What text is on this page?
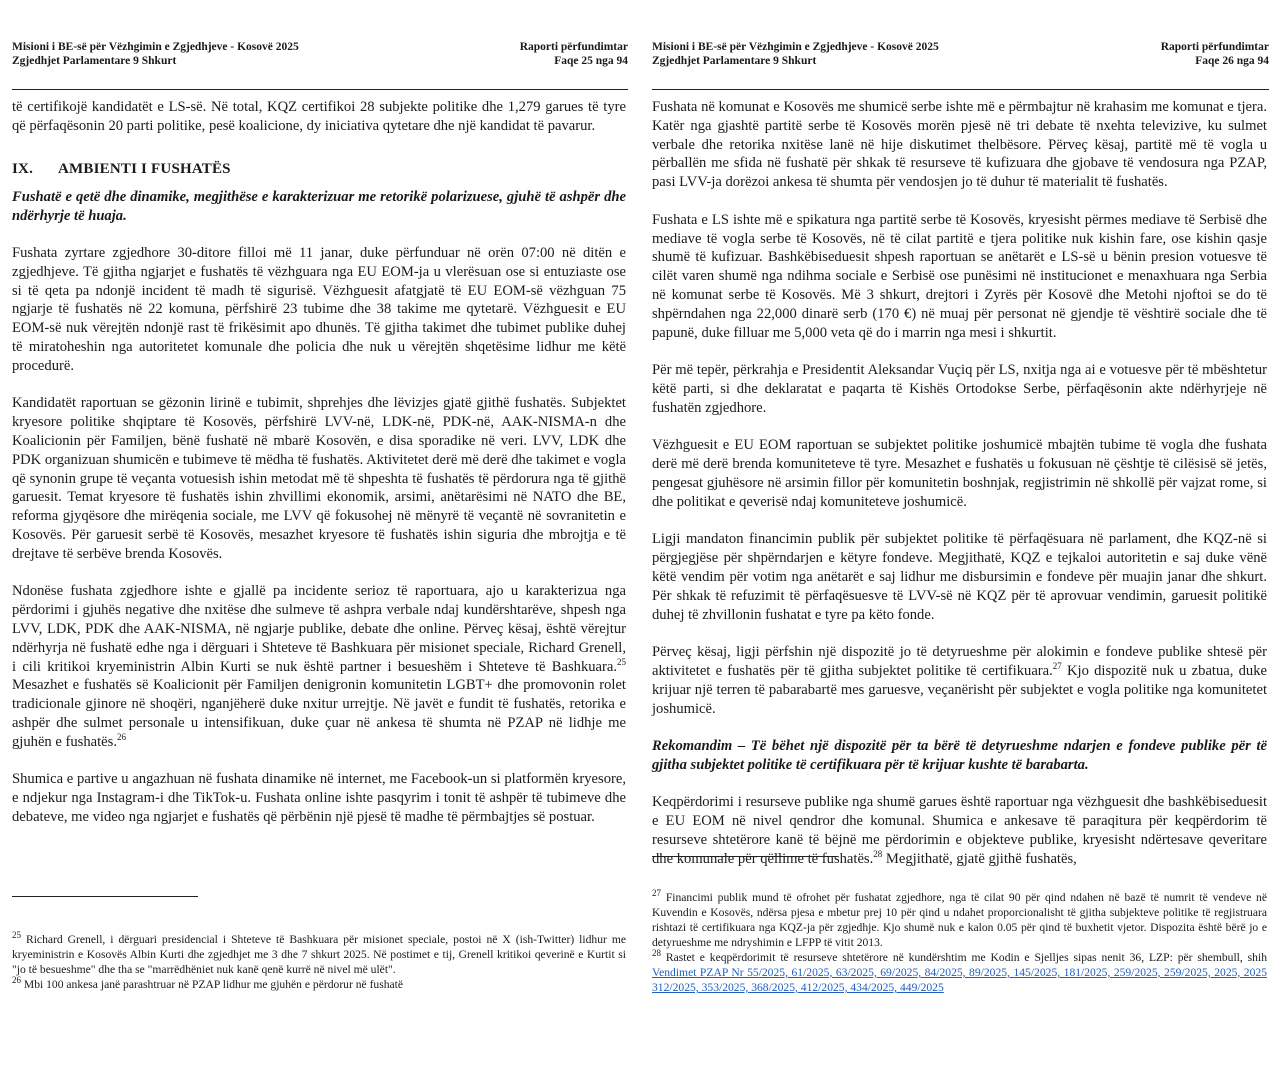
Misioni i BE-së për Vëzhgimin e Zgjedhjeve - Kosovë 2025
Zgjedhjet Parlamentare 9 Shkurt
Raporti përfundimtar
Faqe 25 nga 94

të certifikojë kandidatët e LS-së. Në total, KQZ certifikoi 28 subjekte politike dhe 1,279 garues të tyre që përfaqësonin 20 parti politike, pesë koalicione, dy iniciativa qytetare dhe një kandidat të pavarur.

IX. AMBIENTI I FUSHATËS

Fushatë e qetë dhe dinamike, megjithëse e karakterizuar me retorikë polarizuese, gjuhë të ashpër dhe ndërhyrje të huaja.

Fushata zyrtare zgjedhore 30-ditore filloi më 11 janar, duke përfunduar në orën 07:00 në ditën e zgjedhjeve. Të gjitha ngjarjet e fushatës të vëzhguara nga EU EOM-ja u vlerësuan ose si entuziaste ose si të qeta pa ndonjë incident të madh të sigurisë. Vëzhguesit afatgjatë të EU EOM-së vëzhguan 75 ngjarje të fushatës në 22 komuna, përfshirë 23 tubime dhe 38 takime me qytetarë. Vëzhguesit e EU EOM-së nuk vërejtën ndonjë rast të frikësimit apo dhunës. Të gjitha takimet dhe tubimet publike duhej të miratoheshin nga autoritetet komunale dhe policia dhe nuk u vërejtën shqetësime lidhur me këtë procedurë.

Kandidatët raportuan se gëzonin lirinë e tubimit, shprehjes dhe lëvizjes gjatë gjithë fushatës. Subjektet kryesore politike shqiptare të Kosovës, përfshirë LVV-në, LDK-në, PDK-në, AAK-NISMA-n dhe Koalicionin për Familjen, bënë fushatë në mbarë Kosovën, e disa sporadike në veri. LVV, LDK dhe PDK organizuan shumicën e tubimeve të mëdha të fushatës. Aktivitetet derë më derë dhe takimet e vogla që synonin grupe të veçanta votuesish ishin metodat më të shpeshta të fushatës të përdorura nga të gjithë garuesit. Temat kryesore të fushatës ishin zhvillimi ekonomik, arsimi, anëtarësimi në NATO dhe BE, reforma gjyqësore dhe mirëqenia sociale, me LVV që fokusohej në mënyrë të veçantë në sovranitetin e Kosovës. Për garuesit serbë të Kosovës, mesazhet kryesore të fushatës ishin siguria dhe mbrojtja e të drejtave të serbëve brenda Kosovës.

Ndonëse fushata zgjedhore ishte e gjallë pa incidente serioz të raportuara, ajo u karakterizua nga përdorimi i gjuhës negative dhe nxitëse dhe sulmeve të ashpra verbale ndaj kundërshtarëve, shpesh nga LVV, LDK, PDK dhe AAK-NISMA, në ngjarje publike, debate dhe online. Përveç kësaj, është vërejtur ndërhyrja në fushatë edhe nga i dërguari i Shteteve të Bashkuara për misionet speciale, Richard Grenell, i cili kritikoi kryeministrin Albin Kurti se nuk është partner i besueshëm i Shteteve të Bashkuara.$^{25}$ Mesazhet e fushatës së Koalicionit për Familjen denigronin komunitetin LGBT+ dhe promovonin rolet tradicionale gjinore në shoqëri, nganjëherë duke nxitur urrejtje. Në javët e fundit të fushatës, retorika e ashpër dhe sulmet personale u intensifikuan, duke çuar në ankesa të shumta në PZAP në lidhje me gjuhën e fushatës.$^{26}$

Shumica e partive u angazhuan në fushata dinamike në internet, me Facebook-un si platformën kryesore, e ndjekur nga Instagram-i dhe TikTok-u. Fushata online ishte pasqyrim i tonit të ashpër të tubimeve dhe debateve, me video nga ngjarjet e fushatës që përbënin një pjesë të madhe të përmbajtjes së postuar.

$^{25}$ Richard Grenell, i dërguari presidencial i Shteteve të Bashkuara për misionet speciale, postoi në X (ish-Twitter) lidhur me kryeministrin e Kosovës Albin Kurti dhe zgjedhjet me 3 dhe 7 shkurt 2025. Në postimet e tij, Grenell kritikoi qeverinë e Kurtit si "jo të besueshme" dhe tha se "marrëdhëniet nuk kanë qenë kurrë në nivel më ulët".

$^{26}$ Mbi 100 ankesa janë parashtruar në PZAP lidhur me gjuhën e përdorur në fushatë

Misioni i BE-së për Vëzhgimin e Zgjedhjeve - Kosovë 2025
Zgjedhjet Parlamentare 9 Shkurt
Raporti përfundimtar
Faqe 26 nga 94

Fushata në komunat e Kosovës me shumicë serbe ishte më e përmbajtur në krahasim me komunat e tjera. Katër nga gjashtë partitë serbe të Kosovës morën pjesë në tri debate të nxehta televizive, ku sulmet verbale dhe retorika nxitëse lanë në hije diskutimet thelbësore. Përveç kësaj, partitë më të vogla u përballën me sfida në fushatë për shkak të resurseve të kufizuara dhe gjobave të vendosura nga PZAP, pasi LVV-ja dorëzoi ankesa të shumta për vendosjen jo të duhur të materialit të fushatës.

Fushata e LS ishte më e spikatura nga partitë serbe të Kosovës, kryesisht përmes mediave të Serbisë dhe mediave të vogla serbe të Kosovës, në të cilat partitë e tjera politike nuk kishin fare, ose kishin qasje shumë të kufizuar. Bashkëbiseduesit shpesh raportuan se anëtarët e LS-së u bënin presion votuesve të cilët varen shumë nga ndihma sociale e Serbisë ose punësimi në institucionet e menaxhuara nga Serbia në komunat serbe të Kosovës. Më 3 shkurt, drejtori i Zyrës për Kosovë dhe Metohi njoftoi se do të shpërndahen nga 22,000 dinarë serb (170 €) në muaj për personat në gjendje të vështirë sociale dhe të papunë, duke filluar me 5,000 veta që do i marrin nga mesi i shkurtit.

Për më tepër, përkrahja e Presidentit Aleksandar Vuçiq për LS, nxitja nga ai e votuesve për të mbështetur këtë parti, si dhe deklaratat e paqarta të Kishës Ortodokse Serbe, përfaqësonin akte ndërhyrjeje në fushatën zgjedhore.

Vëzhguesit e EU EOM raportuan se subjektet politike joshumicë mbajtën tubime të vogla dhe fushata derë më derë brenda komuniteteve të tyre. Mesazhet e fushatës u fokusuan në çështje të cilësisë së jetës, pengesat gjuhësore në arsimin fillor për komunitetin boshnjak, regjistrimin në shkollë për vajzat rome, si dhe politikat e qeverisë ndaj komuniteteve joshumicë.

Ligji mandaton financimin publik për subjektet politike të përfaqësuara në parlament, dhe KQZ-në si përgjegjëse për shpërndarjen e këtyre fondeve. Megjithatë, KQZ e tejkaloi autoritetin e saj duke vënë këtë vendim për votim nga anëtarët e saj lidhur me disbursimin e fondeve për muajin janar dhe shkurt. Për shkak të refuzimit të përfaqësuesve të LVV-së në KQZ për të aprovuar vendimin, garuesit politikë duhej të zhvillonin fushatat e tyre pa këto fonde.

Përveç kësaj, ligji përfshin një dispozitë jo të detyrueshme për alokimin e fondeve publike shtesë për aktivitetet e fushatës për të gjitha subjektet politike të certifikuara.$^{27}$ Kjo dispozitë nuk u zbatua, duke krijuar një terren të pabarabartë mes garuesve, veçanërisht për subjektet e vogla politike nga komunitetet joshumicë.

Rekomandim – Të bëhet një dispozitë për ta bërë të detyrueshme ndarjen e fondeve publike për të gjitha subjektet politike të certifikuara për të krijuar kushte të barabarta.

Keqpërdorimi i resurseve publike nga shumë garues është raportuar nga vëzhguesit dhe bashkëbiseduesit e EU EOM në nivel qendror dhe komunal. Shumica e ankesave të paraqitura për keqpërdorim të resurseve shtetërore kanë të bëjnë me përdorimin e objekteve publike, kryesisht ndërtesave qeveritare dhe komunale për qëllime të fushatës.$^{28}$ Megjithatë, gjatë gjithë fushatës,

$^{27}$ Financimi publik mund të ofrohet për fushatat zgjedhore, nga të cilat 90 për qind ndahen në bazë të numrit të vendeve në Kuvendin e Kosovës, ndërsa pjesa e mbetur prej 10 për qind u ndahet proporcionalisht të gjitha subjekteve politike të regjistruara rishtazi të certifikuara nga KQZ-ja për zgjedhje. Kjo shumë nuk e kalon 0.05 për qind të buxhetit vjetor. Dispozita është bërë jo e detyrueshme me ndryshimin e LFPP të vitit 2013.

$^{28}$ Rastet e keqpërdorimit të resurseve shtetërore në kundërshtim me Kodin e Sjelljes sipas nenit 36, LZP: për shembull, shih Vendimet PZAP Nr 55/2025, 61/2025, 63/2025, 69/2025, 84/2025, 89/2025, 145/2025, 181/2025, 259/2025, 259/2025, 2025, 2025 312/2025, 353/2025, 368/2025, 412/2025, 434/2025, 449/2025
